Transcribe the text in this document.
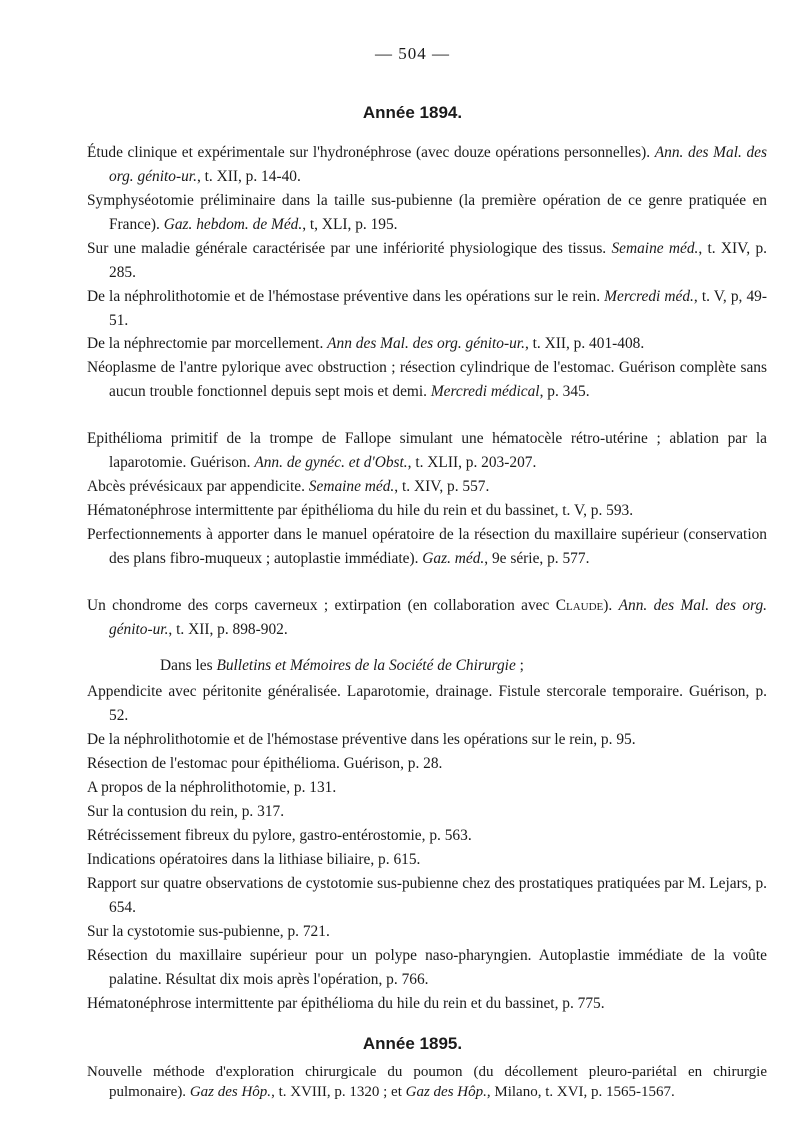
— 504 —
Année 1894.
Étude clinique et expérimentale sur l'hydronéphrose (avec douze opérations personnelles). Ann. des Mal. des org. génito-ur., t. XII, p. 14-40.
Symphyséotomie préliminaire dans la taille sus-pubienne (la première opération de ce genre pratiquée en France). Gaz. hebdom. de Méd., t, XLI, p. 195.
Sur une maladie générale caractérisée par une infériorité physiologique des tissus. Semaine méd., t. XIV, p. 285.
De la néphrolithotomie et de l'hémostase préventive dans les opérations sur le rein. Mercredi méd., t. V, p, 49-51.
De la néphrectomie par morcellement. Ann des Mal. des org. génito-ur., t. XII, p. 401-408.
Néoplasme de l'antre pylorique avec obstruction ; résection cylindrique de l'estomac. Guérison complète sans aucun trouble fonctionnel depuis sept mois et demi. Mercredi médical, p. 345.
Epithélioma primitif de la trompe de Fallope simulant une hématocèle rétro-utérine ; ablation par la laparotomie. Guérison. Ann. de gynéc. et d'Obst., t. XLII, p. 203-207.
Abcès prévésicaux par appendicite. Semaine méd., t. XIV, p. 557.
Hématonéphrose intermittente par épithélioma du hile du rein et du bassinet, t. V, p. 593.
Perfectionnements à apporter dans le manuel opératoire de la résection du maxillaire supérieur (conservation des plans fibro-muqueux ; autoplastie immédiate). Gaz. méd., 9e série, p. 577.
Un chondrome des corps caverneux ; extirpation (en collaboration avec Claude). Ann. des Mal. des org. génito-ur., t. XII, p. 898-902.
Dans les Bulletins et Mémoires de la Société de Chirurgie ;
Appendicite avec péritonite généralisée. Laparotomie, drainage. Fistule stercorale temporaire. Guérison, p. 52.
De la néphrolithotomie et de l'hémostase préventive dans les opérations sur le rein, p. 95.
Résection de l'estomac pour épithélioma. Guérison, p. 28.
A propos de la néphrolithotomie, p. 131.
Sur la contusion du rein, p. 317.
Rétrécissement fibreux du pylore, gastro-entérostomie, p. 563.
Indications opératoires dans la lithiase biliaire, p. 615.
Rapport sur quatre observations de cystotomie sus-pubienne chez des prostatiques pratiquées par M. Lejars, p. 654.
Sur la cystotomie sus-pubienne, p. 721.
Résection du maxillaire supérieur pour un polype naso-pharyngien. Autoplastie immédiate de la voûte palatine. Résultat dix mois après l'opération, p. 766.
Hématonéphrose intermittente par épithélioma du hile du rein et du bassinet, p. 775.
Année 1895.
Nouvelle méthode d'exploration chirurgicale du poumon (du décollement pleuro-pariétal en chirurgie pulmonaire). Gaz des Hôp., t. XVIII, p. 1320 ; et Gaz des Hôp., Milano, t. XVI, p. 1565-1567.
